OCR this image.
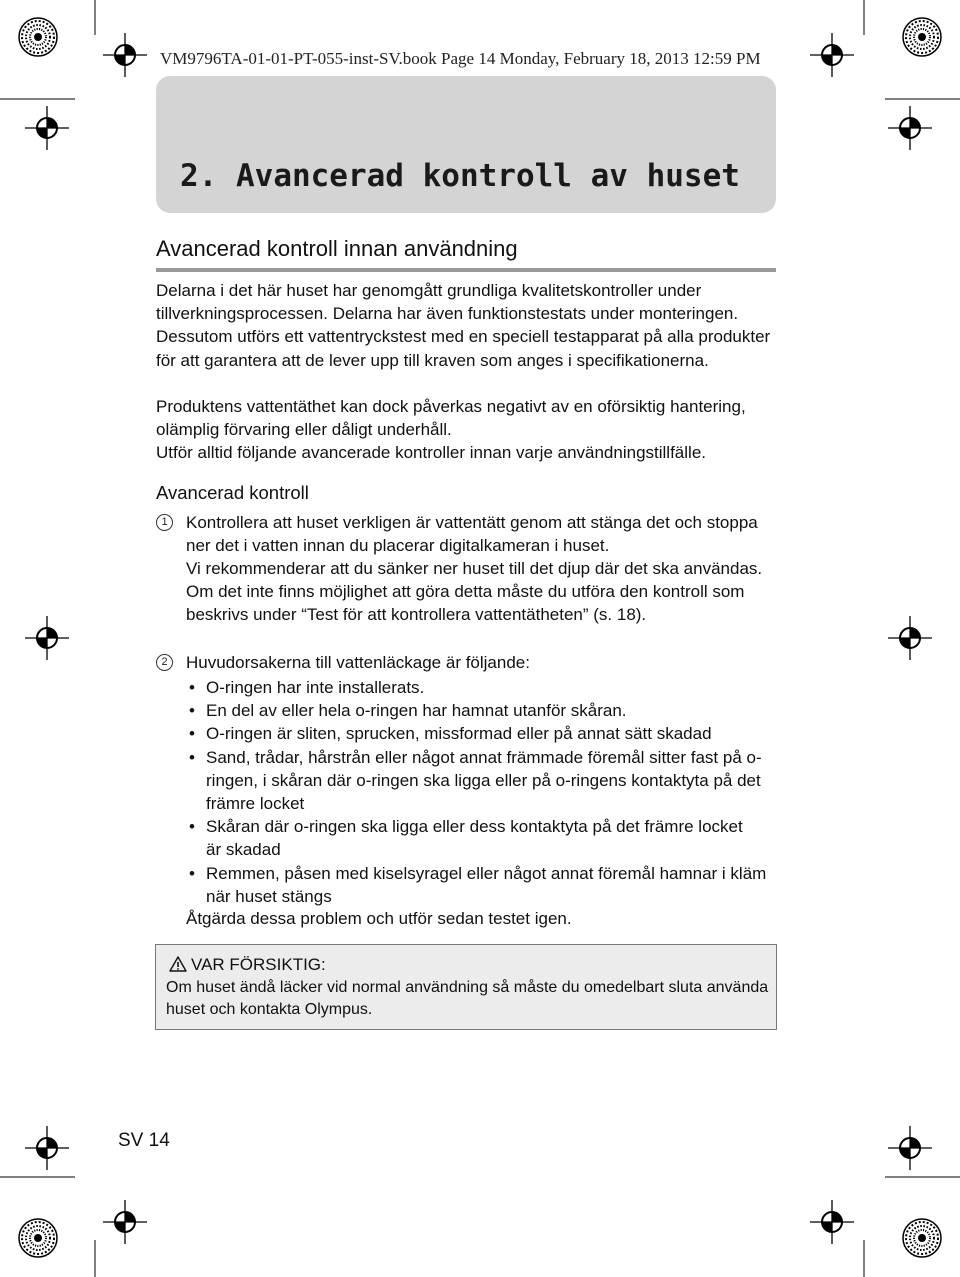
VM9796TA-01-01-PT-055-inst-SV.book Page 14 Monday, February 18, 2013 12:59 PM
2. Avancerad kontroll av huset
Avancerad kontroll innan användning
Delarna i det här huset har genomgått grundliga kvalitetskontroller under tillverkningsprocessen. Delarna har även funktionstestats under monteringen. Dessutom utförs ett vattentryckstest med en speciell testapparat på alla produkter för att garantera att de lever upp till kraven som anges i specifikationerna.
Produktens vattentäthet kan dock påverkas negativt av en oförsiktig hantering, olämplig förvaring eller dåligt underhåll.
Utför alltid följande avancerade kontroller innan varje användningstillfälle.
Avancerad kontroll
1	Kontrollera att huset verkligen är vattentätt genom att stänga det och stoppa ner det i vatten innan du placerar digitalkameran i huset.
Vi rekommenderar att du sänker ner huset till det djup där det ska användas. Om det inte finns möjlighet att göra detta måste du utföra den kontroll som beskrivs under “Test för att kontrollera vattentätheten” (s. 18).
2	Huvudorsakerna till vattenläckage är följande:
• O-ringen har inte installerats.
• En del av eller hela o-ringen har hamnat utanför skåran.
• O-ringen är sliten, sprucken, missformad eller på annat sätt skadad
• Sand, trådar, hårstrån eller något annat främmade föremål sitter fast på o-ringen, i skåran där o-ringen ska ligga eller på o-ringens kontaktyta på det främre locket
• Skåran där o-ringen ska ligga eller dess kontaktyta på det främre locket är skadad
• Remmen, påsen med kiselsyragel eller något annat föremål hamnar i kläm när huset stängs
Åtgärda dessa problem och utför sedan testet igen.
VAR FÖRSIKTIG:
Om huset ändå läcker vid normal användning så måste du omedelbart sluta använda huset och kontakta Olympus.
SV 14
